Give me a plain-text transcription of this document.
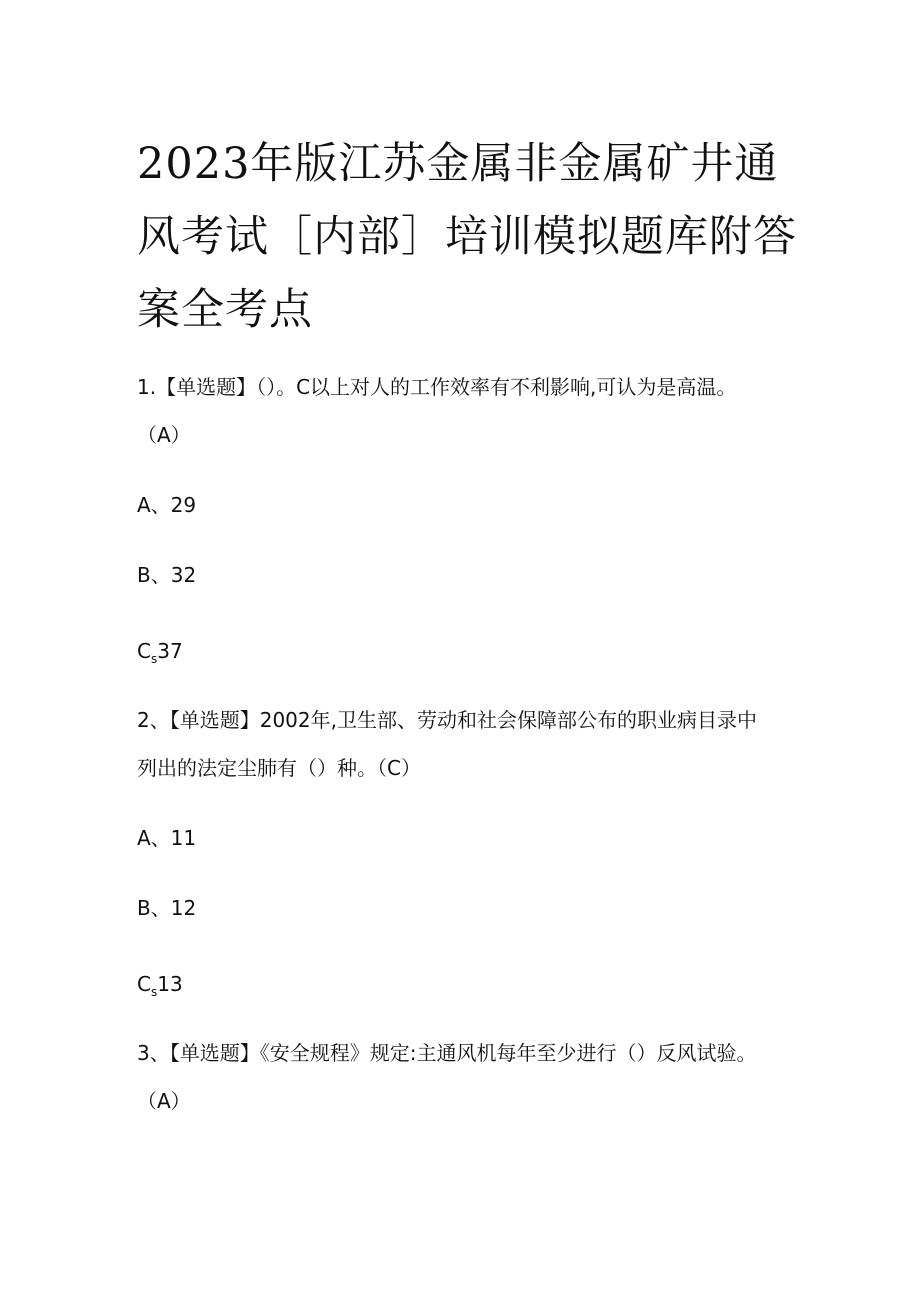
2023年版江苏金属非金属矿井通风考试［内部］培训模拟题库附答案全考点

1.【单选题】（）。C以上对人的工作效率有不利影响,可认为是高温。

（A）

A、29

B、32

$C_s37$

2、【单选题】2002年,卫生部、劳动和社会保障部公布的职业病目录中

列出的法定尘肺有（）种。（C）

A、11

B、12

$C_s13$

3、【单选题】《安全规程》规定:主通风机每年至少进行（）反风试验。

（A）
